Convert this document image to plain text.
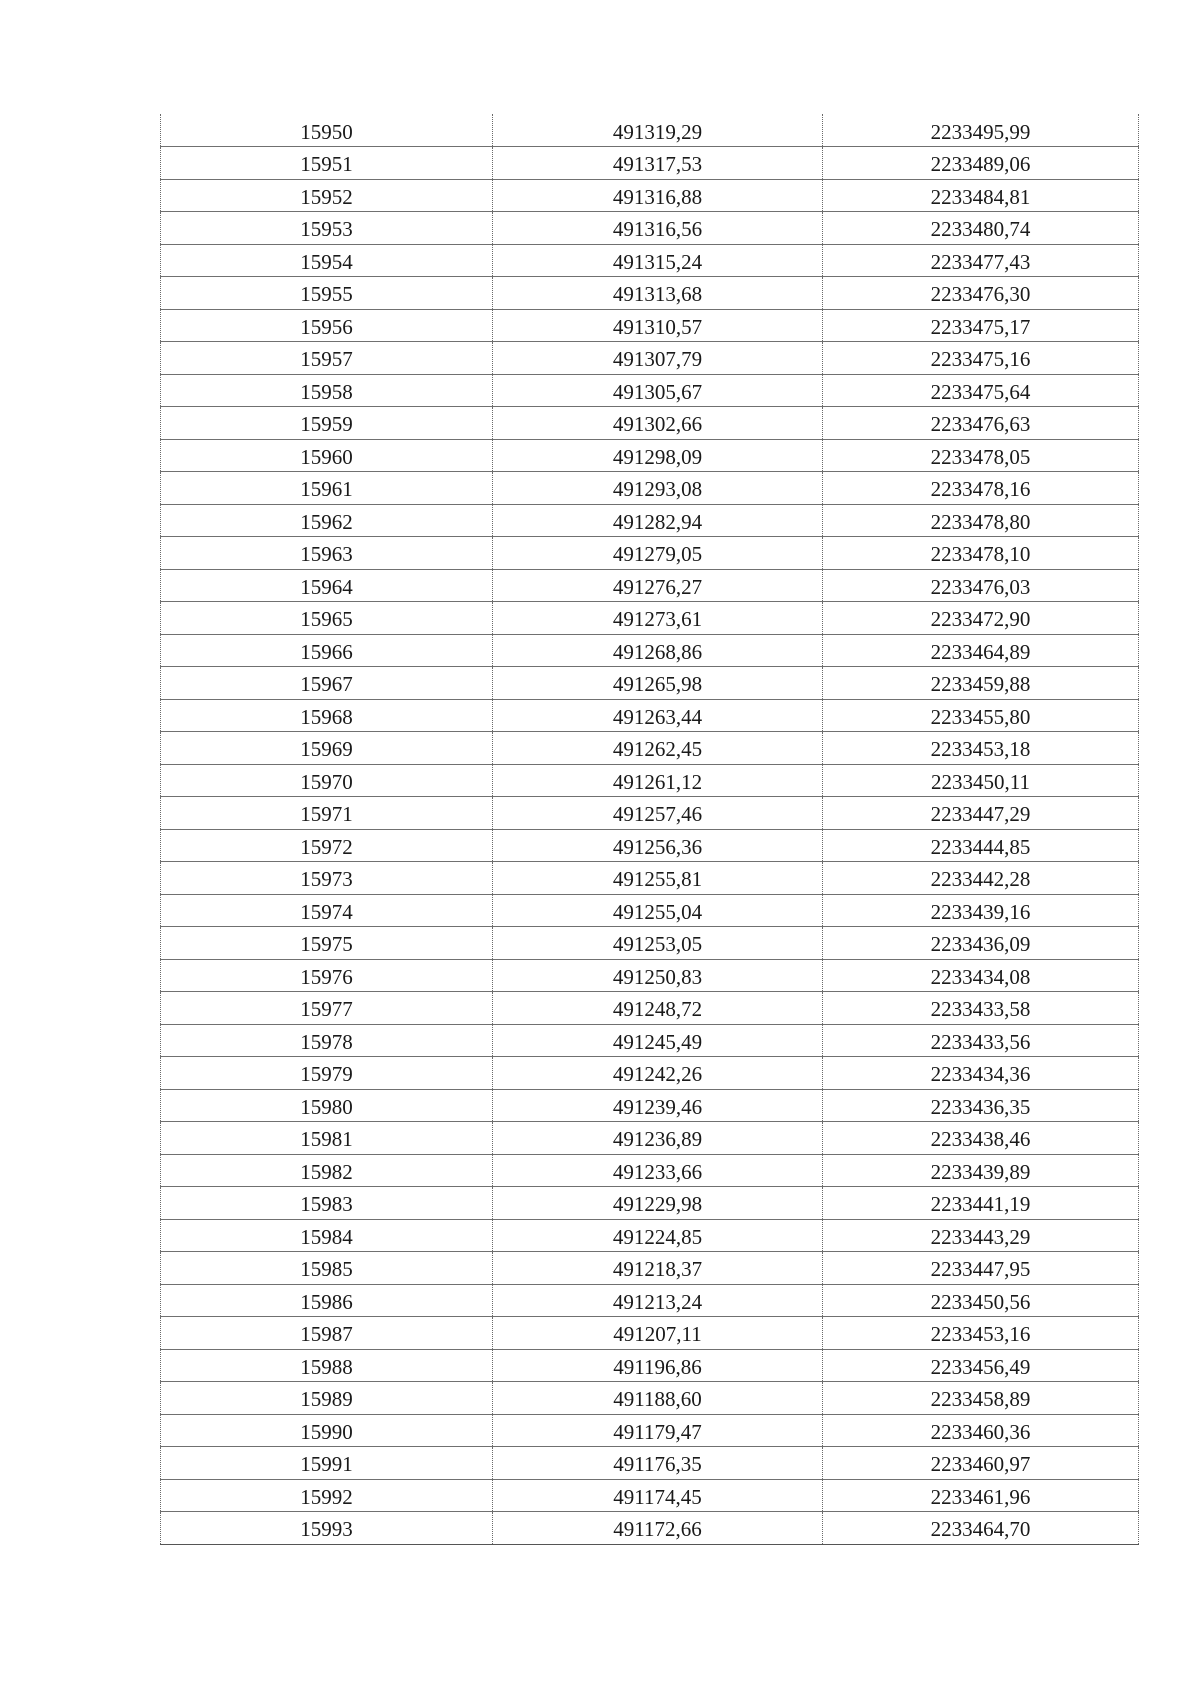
15950	491319,29	2233495,99
15951	491317,53	2233489,06
15952	491316,88	2233484,81
15953	491316,56	2233480,74
15954	491315,24	2233477,43
15955	491313,68	2233476,30
15956	491310,57	2233475,17
15957	491307,79	2233475,16
15958	491305,67	2233475,64
15959	491302,66	2233476,63
15960	491298,09	2233478,05
15961	491293,08	2233478,16
15962	491282,94	2233478,80
15963	491279,05	2233478,10
15964	491276,27	2233476,03
15965	491273,61	2233472,90
15966	491268,86	2233464,89
15967	491265,98	2233459,88
15968	491263,44	2233455,80
15969	491262,45	2233453,18
15970	491261,12	2233450,11
15971	491257,46	2233447,29
15972	491256,36	2233444,85
15973	491255,81	2233442,28
15974	491255,04	2233439,16
15975	491253,05	2233436,09
15976	491250,83	2233434,08
15977	491248,72	2233433,58
15978	491245,49	2233433,56
15979	491242,26	2233434,36
15980	491239,46	2233436,35
15981	491236,89	2233438,46
15982	491233,66	2233439,89
15983	491229,98	2233441,19
15984	491224,85	2233443,29
15985	491218,37	2233447,95
15986	491213,24	2233450,56
15987	491207,11	2233453,16
15988	491196,86	2233456,49
15989	491188,60	2233458,89
15990	491179,47	2233460,36
15991	491176,35	2233460,97
15992	491174,45	2233461,96
15993	491172,66	2233464,70
